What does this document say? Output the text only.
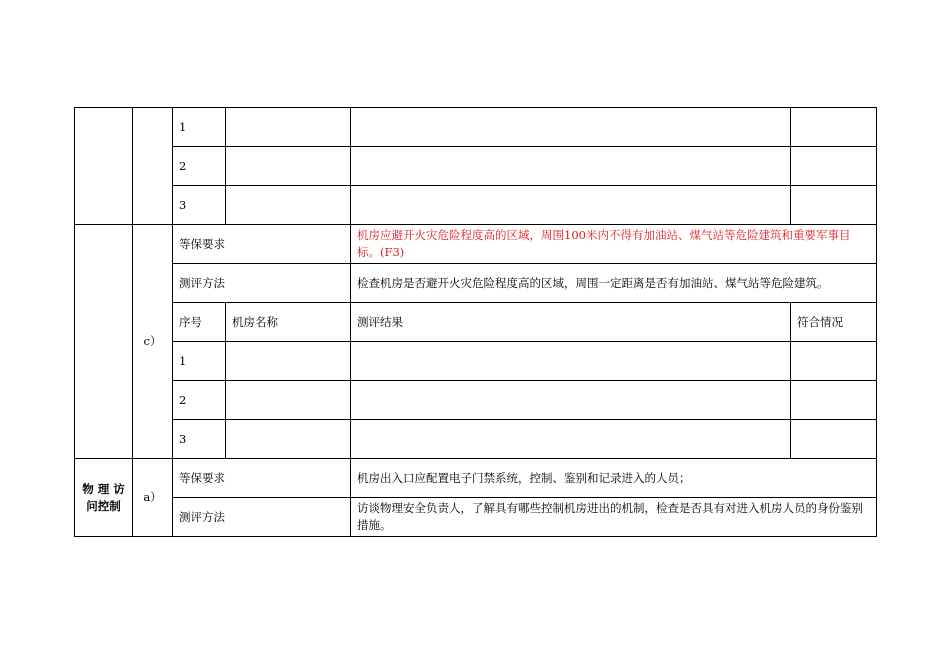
		1			
		2			
		3			
	c）	等保要求		机房应避开火灾危险程度高的区域，周围100米内不得有加油站、煤气站等危险建筑和重要军事目标。(F3)	
		测评方法		检查机房是否避开火灾危险程度高的区域，周围一定距离是否有加油站、煤气站等危险建筑。	
		序号	机房名称	测评结果	符合情况
		1			
		2			
		3			
物 理 访 问控制	a）	等保要求		机房出入口应配置电子门禁系统，控制、鉴别和记录进入的人员；	
		测评方法		访谈物理安全负责人，了解具有哪些控制机房进出的机制，检查是否具有对进入机房人员的身份鉴别措施。	
